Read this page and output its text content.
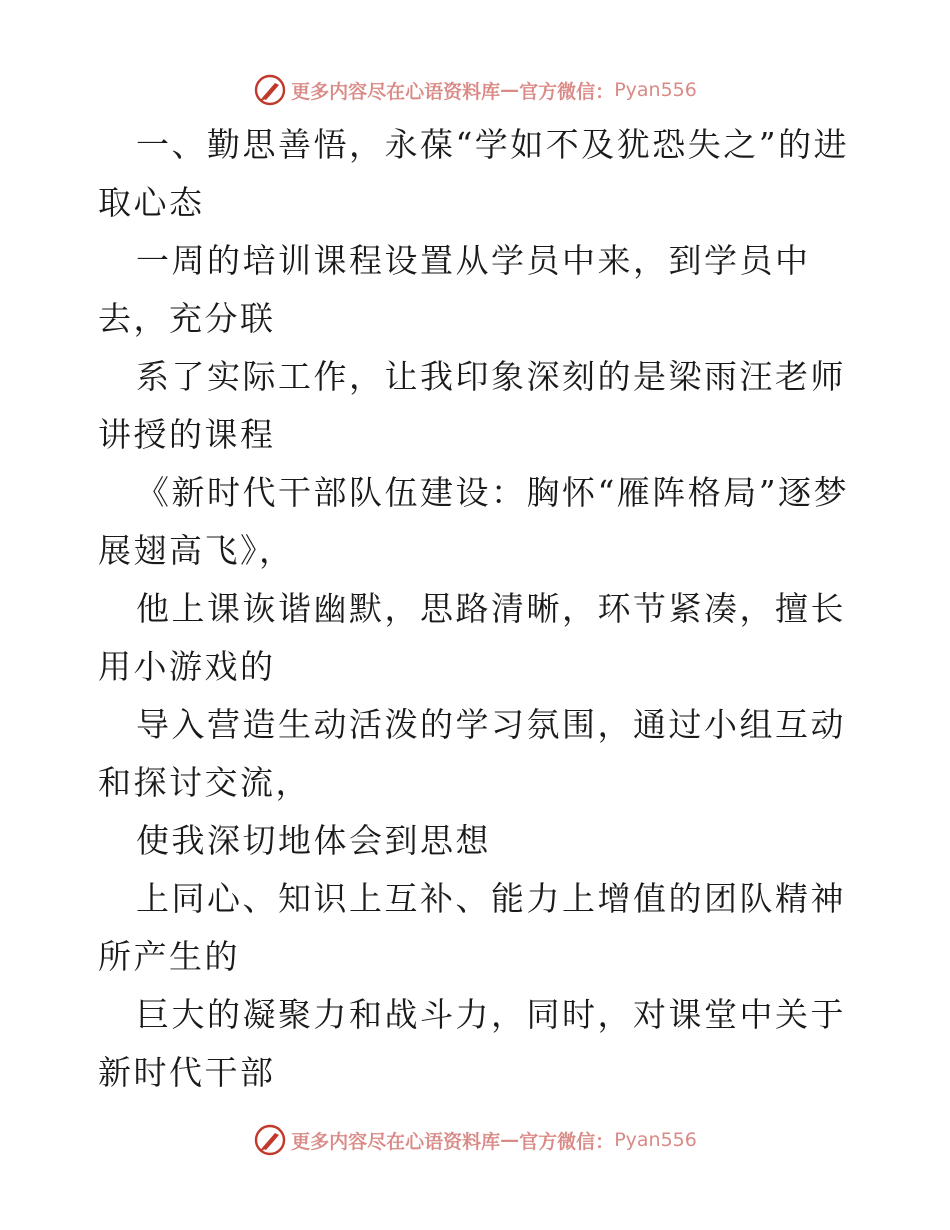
更多内容尽在心语资料库 — 官方微信： Pyan556

一、勤思善悟，永葆“学如不及犹恐失之”的进取心态

一周的培训课程设置从学员中来，到学员中去，充分联

系了实际工作，让我印象深刻的是梁雨汪老师讲授的课程

《新时代干部队伍建设：胸怀“雁阵格局”逐梦展翅高飞》，

他上课诙谐幽默，思路清晰，环节紧凑，擅长用小游戏的

导入营造生动活泼的学习氛围，通过小组互动和探讨交流，

使我深切地体会到思想

上同心、知识上互补、能力上增值的团队精神所产生的

巨大的凝聚力和战斗力，同时，对课堂中关于新时代干部

更多内容尽在心语资料库 — 官方微信： Pyan556
